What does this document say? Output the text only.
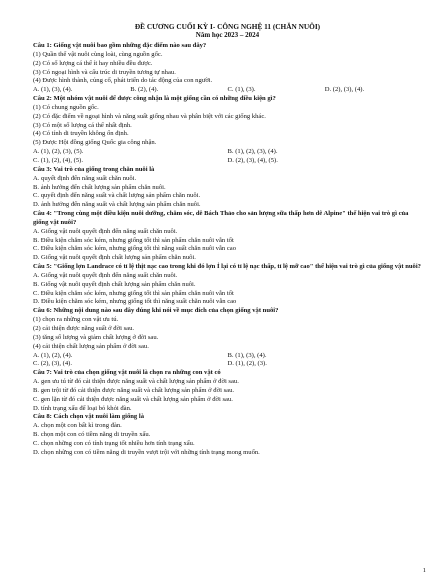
ĐỀ CƯƠNG CUỐI KỲ I- CÔNG NGHỆ 11 (CHĂN NUÔI)
Năm học 2023 – 2024
Câu 1: Giống vật nuôi bao gồm những đặc điểm nào sau đây?
(1) Quần thể vật nuôi cùng loài, cùng nguồn gốc.
(2) Có số lượng cá thể ít hay nhiều đều được.
(3) Có ngoại hình và cấu trúc di truyền tương tự nhau.
(4) Được hình thành, củng cố, phát triển do tác động của con người.
A. (1), (3), (4).	B. (2), (4).	C. (1), (3).	D. (2), (3), (4).
Câu 2: Một nhóm vật nuôi để được công nhận là một giống cần có những điều kiện gì?
(1) Có chung nguồn gốc.
(2) Có đặc điểm về ngoại hình và năng suất giống nhau và phân biệt với các giống khác.
(3) Có một số lượng cá thể nhất định.
(4) Có tính di truyền không ổn định.
(5) Được Hội đồng giống Quốc gia công nhận.
A. (1), (2), (3), (5).	B. (1), (2), (3), (4).
C. (1), (2), (4), (5).	D. (2), (3), (4), (5).
Câu 3: Vai trò của giống trong chăn nuôi là
A. quyết định đến năng suất chăn nuôi.
B. ảnh hưởng đến chất lượng sản phẩm chăn nuôi.
C. quyết định đến năng suất và chất lượng sản phẩm chăn nuôi.
D. ảnh hưởng đến năng suất và chất lượng sản phẩm chăn nuôi.
Câu 4: "Trong cùng một điều kiện nuôi dưỡng, chăm sóc, dê Bách Thảo cho sản lượng sữa thấp hơn dê Alpine" thể hiện vai trò gì của giống vật nuôi?
A. Giống vật nuôi quyết định đến năng suất chăn nuôi.
B. Điều kiện chăm sóc kém, nhưng giống tốt thì sản phẩm chăn nuôi vẫn tốt
C. Điều kiện chăm sóc kém, nhưng giống tốt thì năng suất chăn nuôi vẫn cao
D. Giống vật nuôi quyết định chất lượng sản phẩm chăn nuôi.
Câu 5: "Giống lợn Landrace có tỉ lệ thịt nạc cao trong khi đó lợn Ỉ lại có tỉ lệ nạc thấp, tỉ lệ mỡ cao" thể hiện vai trò gì của giống vật nuôi?
A. Giống vật nuôi quyết định đến năng suất chăn nuôi.
B. Giống vật nuôi quyết định chất lượng sản phẩm chăn nuôi.
C. Điều kiện chăm sóc kém, nhưng giống tốt thì sản phẩm chăn nuôi vẫn tốt
D. Điều kiện chăm sóc kém, nhưng giống tốt thì năng suất chăn nuôi vẫn cao
Câu 6: Những nội dung nào sau đây đúng khi nói về mục đích của chọn giống vật nuôi?
(1) chọn ra những con vật ưu tú.
(2) cải thiện được năng suất ở đời sau.
(3) tăng số lượng và giảm chất lượng ở đời sau.
(4) cải thiện chất lượng sản phẩm ở đời sau.
A. (1), (2), (4).	B. (1), (3), (4).
C. (2), (3), (4).	D. (1), (2), (3).
Câu 7: Vai trò của chọn giống vật nuôi là chọn ra những con vật có
A. gen ưu tú từ đó cải thiện được năng suất và chất lượng sản phẩm ở đời sau.
B. gen trội từ đó cải thiện được năng suất và chất lượng sản phẩm ở đời sau.
C. gen lặn từ đó cải thiện được năng suất và chất lượng sản phẩm ở đời sau.
D. tính trạng xấu để loại bỏ khỏi đàn.
Câu 8: Cách chọn vật nuôi làm giống là
A. chọn một con bất kì trong đàn.
B. chọn một con có tiềm năng di truyền xấu.
C. chọn những con có tính trạng tốt nhiều hơn tính trạng xấu.
D. chọn những con có tiềm năng di truyền vượt trội với những tính trạng mong muốn.
1
